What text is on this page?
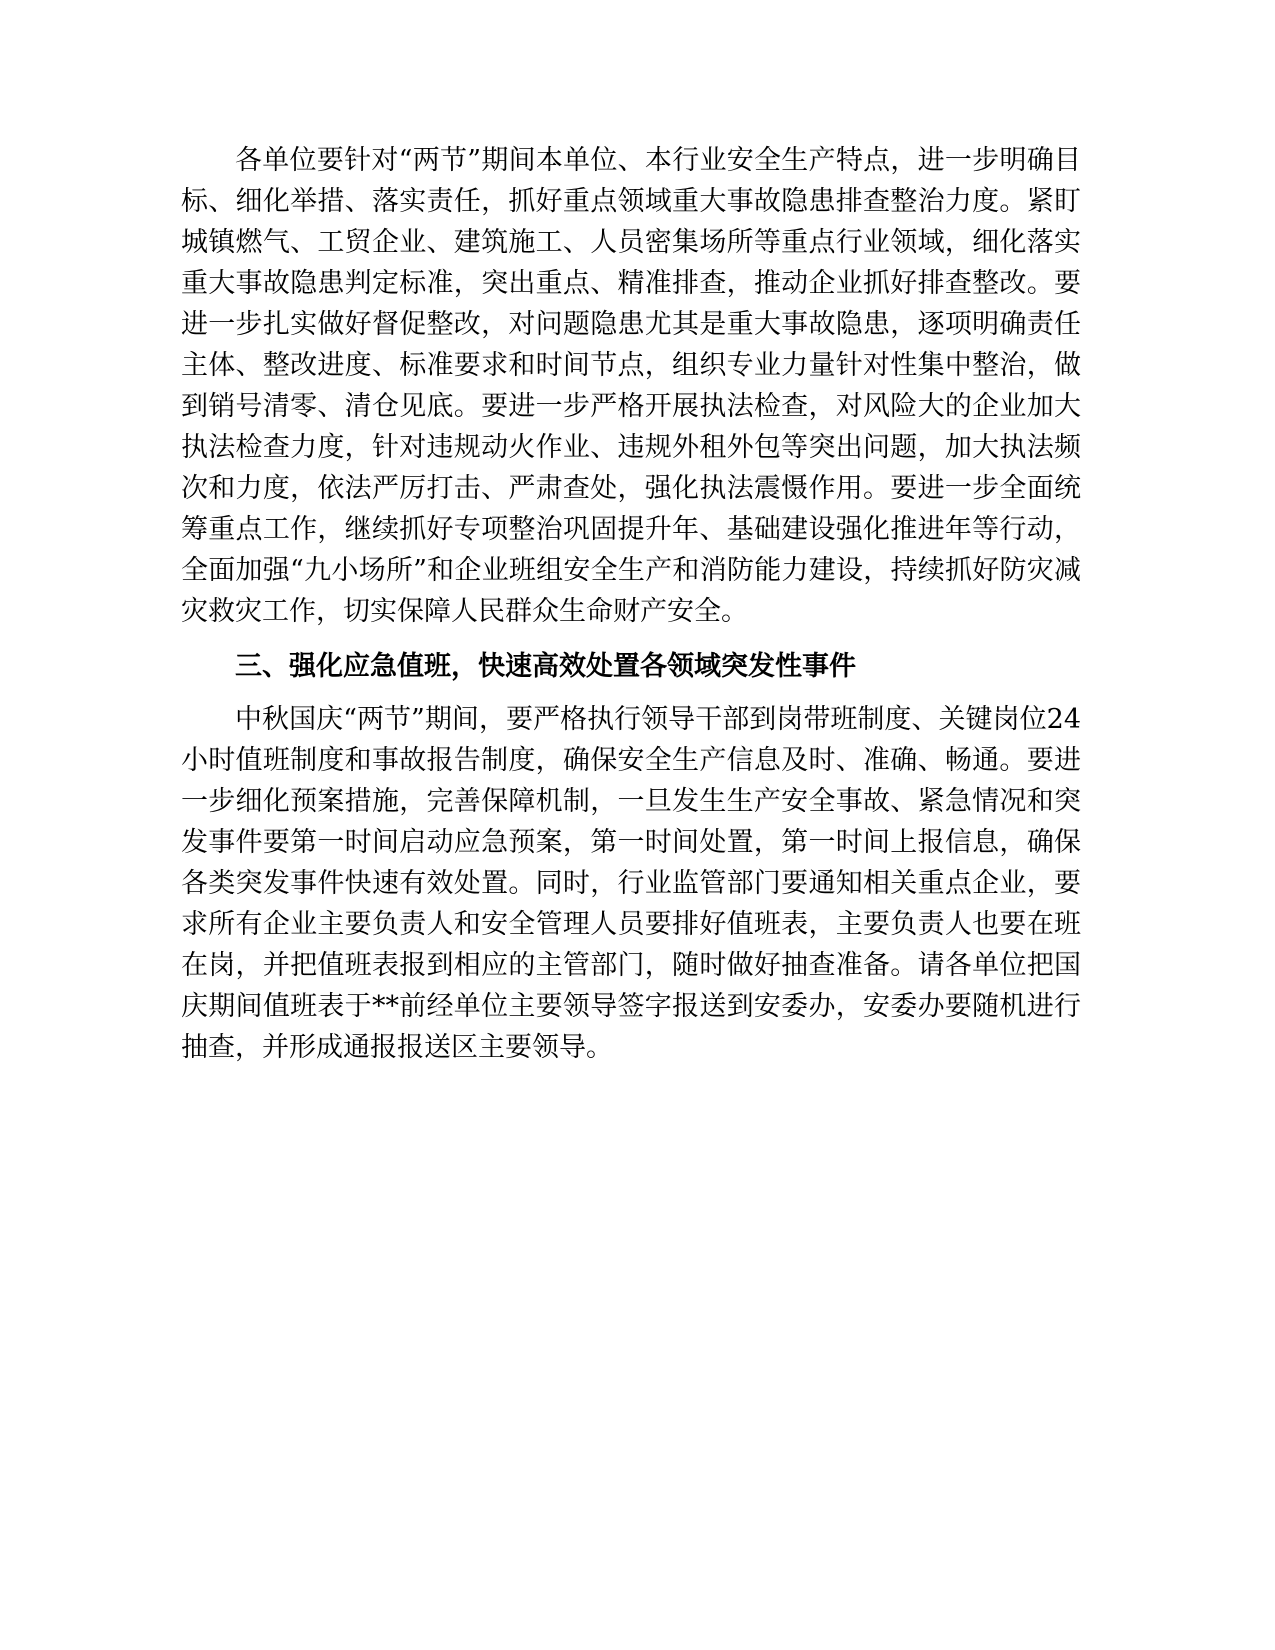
各单位要针对“两节”期间本单位、本行业安全生产特点，进一步明确目标、细化举措、落实责任，抓好重点领域重大事故隐患排查整治力度。紧盯城镇燃气、工贸企业、建筑施工、人员密集场所等重点行业领域，细化落实重大事故隐患判定标准，突出重点、精准排查，推动企业抓好排查整改。要进一步扎实做好督促整改，对问题隐患尤其是重大事故隐患，逐项明确责任主体、整改进度、标准要求和时间节点，组织专业力量针对性集中整治，做到销号清零、清仓见底。要进一步严格开展执法检查，对风险大的企业加大执法检查力度，针对违规动火作业、违规外租外包等突出问题，加大执法频次和力度，依法严厉打击、严肃查处，强化执法震慑作用。要进一步全面统筹重点工作，继续抓好专项整治巩固提升年、基础建设强化推进年等行动，全面加强“九小场所”和企业班组安全生产和消防能力建设，持续抓好防灾减灾救灾工作，切实保障人民群众生命财产安全。

三、强化应急值班，快速高效处置各领域突发性事件

中秋国庆“两节”期间，要严格执行领导干部到岗带班制度、关键岗位24小时值班制度和事故报告制度，确保安全生产信息及时、准确、畅通。要进一步细化预案措施，完善保障机制，一旦发生生产安全事故、紧急情况和突发事件要第一时间启动应急预案，第一时间处置，第一时间上报信息，确保各类突发事件快速有效处置。同时，行业监管部门要通知相关重点企业，要求所有企业主要负责人和安全管理人员要排好值班表，主要负责人也要在班在岗，并把值班表报到相应的主管部门，随时做好抽查准备。请各单位把国庆期间值班表于**前经单位主要领导签字报送到安委办，安委办要随机进行抽查，并形成通报报送区主要领导。
